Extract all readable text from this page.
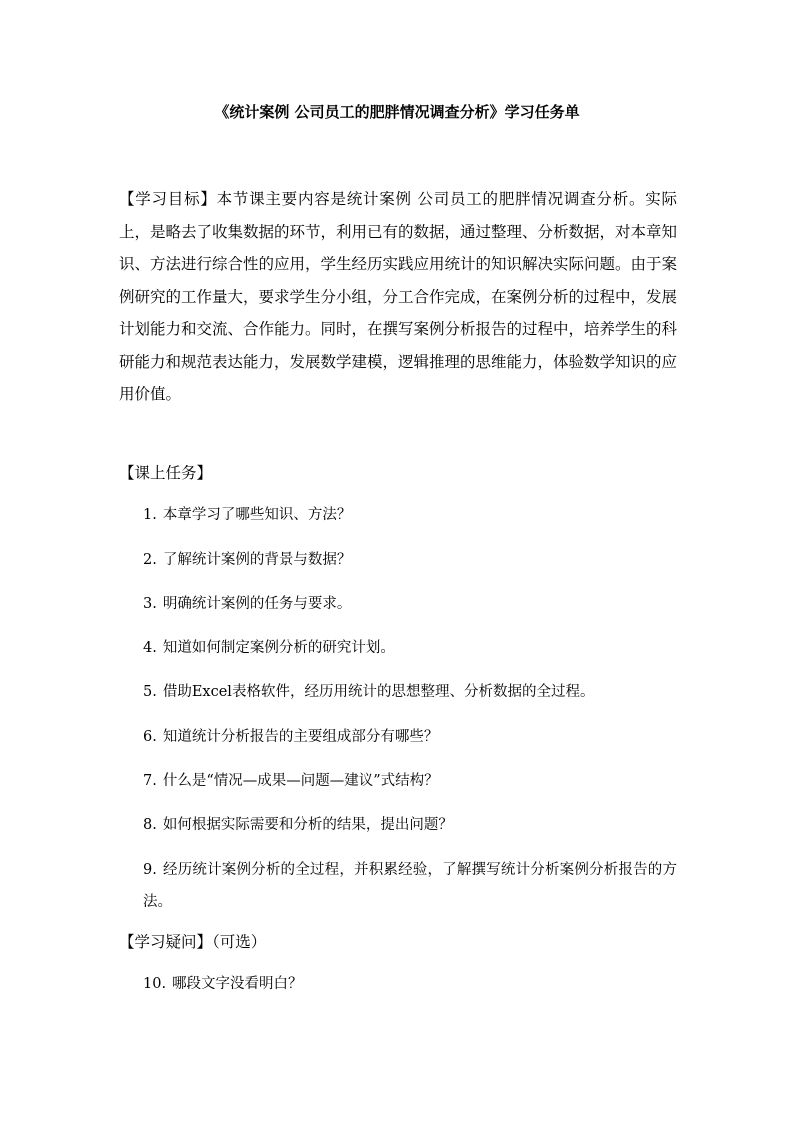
《统计案例 公司员工的肥胖情况调查分析》学习任务单
【学习目标】本节课主要内容是统计案例 公司员工的肥胖情况调查分析。实际上，是略去了收集数据的环节，利用已有的数据，通过整理、分析数据，对本章知识、方法进行综合性的应用，学生经历实践应用统计的知识解决实际问题。由于案例研究的工作量大，要求学生分小组，分工合作完成，在案例分析的过程中，发展计划能力和交流、合作能力。同时，在撰写案例分析报告的过程中，培养学生的科研能力和规范表达能力，发展数学建模，逻辑推理的思维能力，体验数学知识的应用价值。
【课上任务】
1. 本章学习了哪些知识、方法？
2. 了解统计案例的背景与数据？
3. 明确统计案例的任务与要求。
4. 知道如何制定案例分析的研究计划。
5. 借助Excel表格软件，经历用统计的思想整理、分析数据的全过程。
6. 知道统计分析报告的主要组成部分有哪些？
7. 什么是“情况—成果—问题—建议”式结构？
8. 如何根据实际需要和分析的结果，提出问题？
9. 经历统计案例分析的全过程，并积累经验，了解撰写统计分析案例分析报告的方法。
【学习疑问】（可选）
10. 哪段文字没看明白？
